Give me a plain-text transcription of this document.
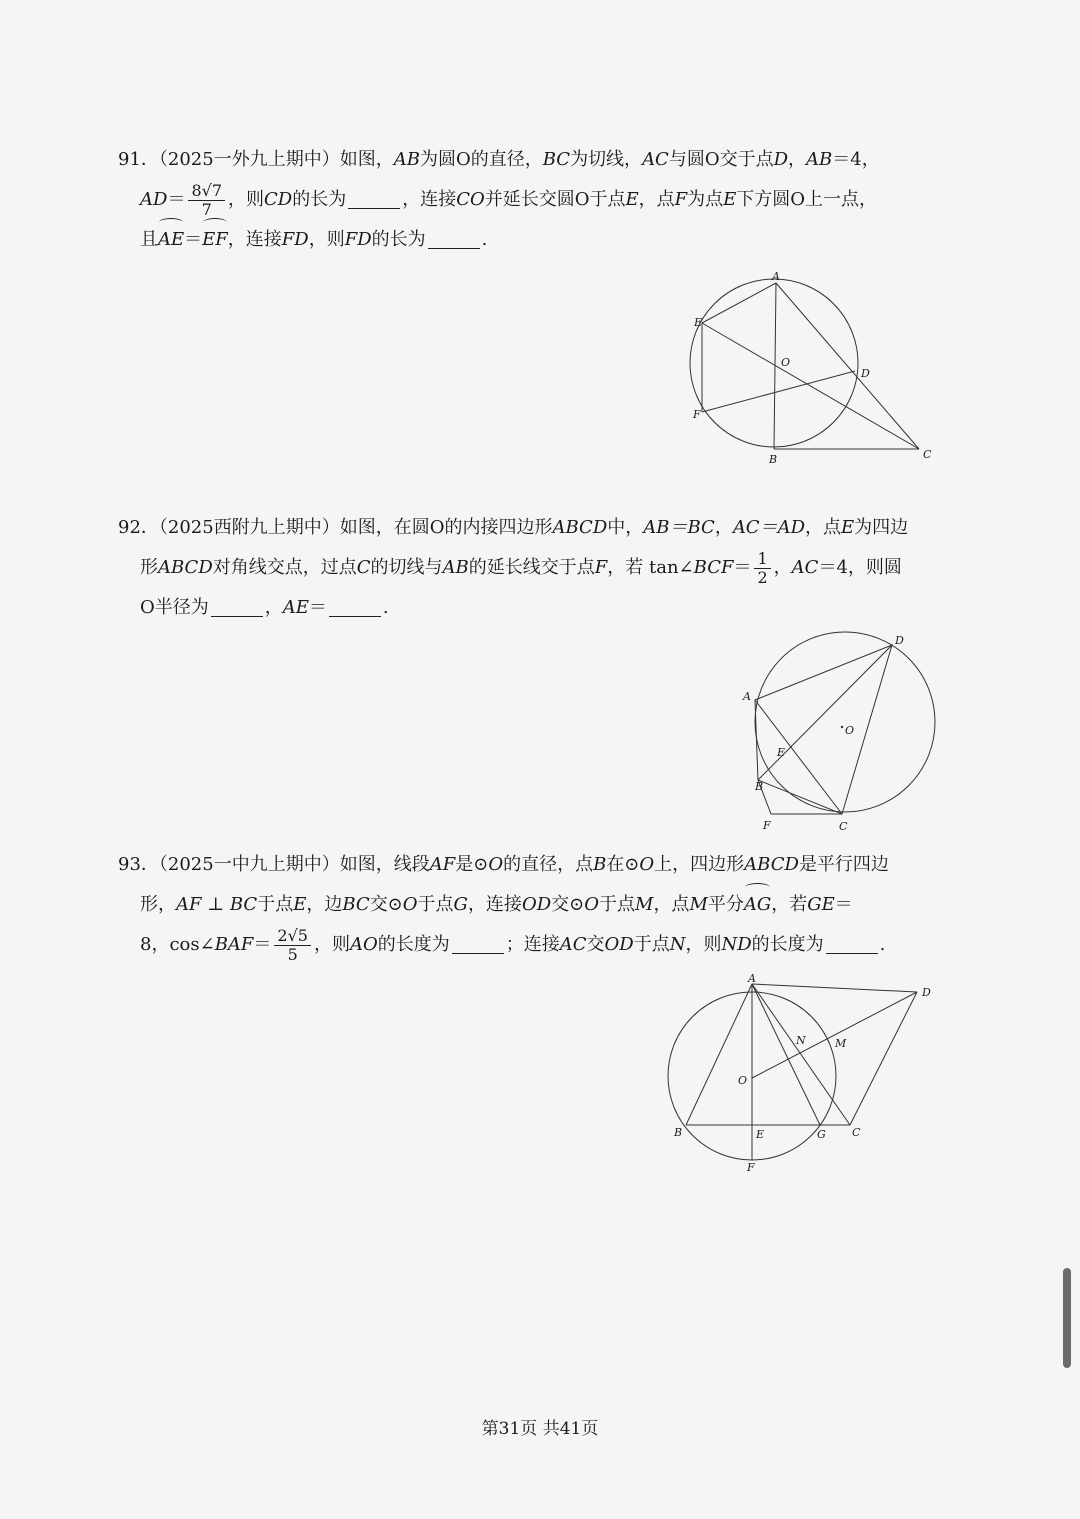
91．（2025一外九上期中）如图，AB为圆O的直径，BC为切线，AC与圆O交于点D，AB＝4，
$AD= \frac{8√7}{7}$ ，则CD的长为	，连接CO并延长交圆O于点E，点F为点E下方圆O上一点，
且AE＝EF，连接FD，则FD的长为	.
A
B	C
D
E
F
O
92．（2025西附九上期中）如图，在圆O的内接四边形ABCD中，AB＝BC，AC＝AD，点E为四边
形ABCD对角线交点，过点C的切线与AB的延长线交于点F，若 tan∠BCF＝ $\frac{1}{2}$ ，AC＝4，则圆
O半径为	，AE＝	.
A
B
C
D
E
F
O
93．（2025一中九上期中）如图，线段AF是⊙O的直径，点B在⊙O上，四边形ABCD是平行四边
形，AF ⊥ BC于点E，边BC交⊙O于点G，连接OD交⊙O于点M，点M平分AG，若GE＝
8，cos∠BAF＝ $\frac{2√5}{5}$ ，则AO的长度为	；连接AC交OD于点N，则ND的长度为	.
A
B	C
D
E
F
G
M
N
O
第31页 共41页
